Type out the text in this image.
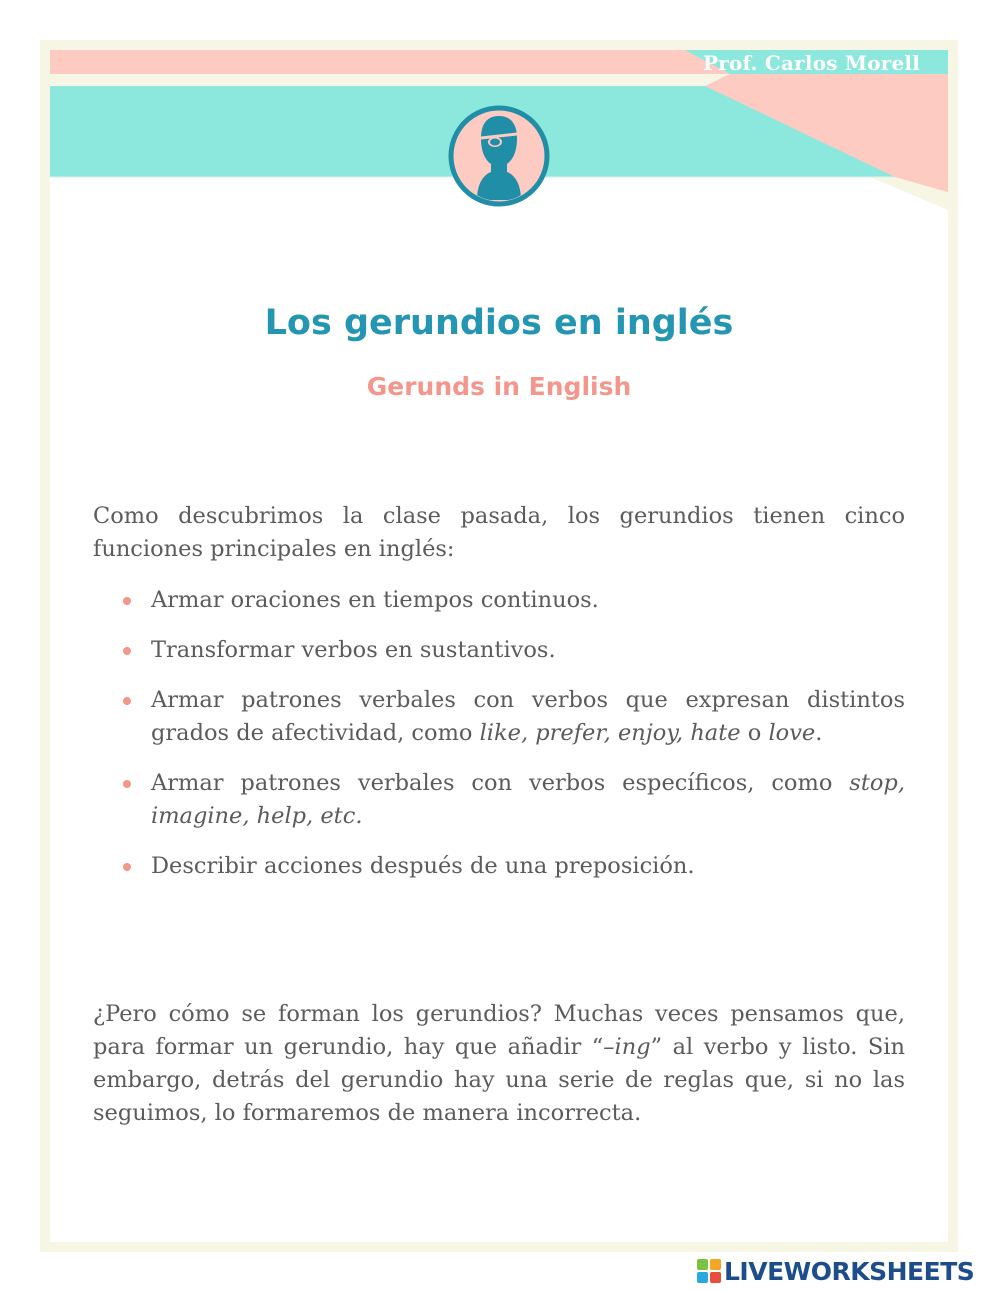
Prof. Carlos Morell
Los gerundios en inglés
Gerunds in English

Como descubrimos la clase pasada, los gerundios tienen cinco funciones principales en inglés:

Armar oraciones en tiempos continuos.
Transformar verbos en sustantivos.
Armar patrones verbales con verbos que expresan distintos grados de afectividad, como like, prefer, enjoy, hate o love.
Armar patrones verbales con verbos específicos, como stop, imagine, help, etc.
Describir acciones después de una preposición.

¿Pero cómo se forman los gerundios? Muchas veces pensamos que, para formar un gerundio, hay que añadir “–ing” al verbo y listo. Sin embargo, detrás del gerundio hay una serie de reglas que, si no las seguimos, lo formaremos de manera incorrecta.

LIVEWORKSHEETS
